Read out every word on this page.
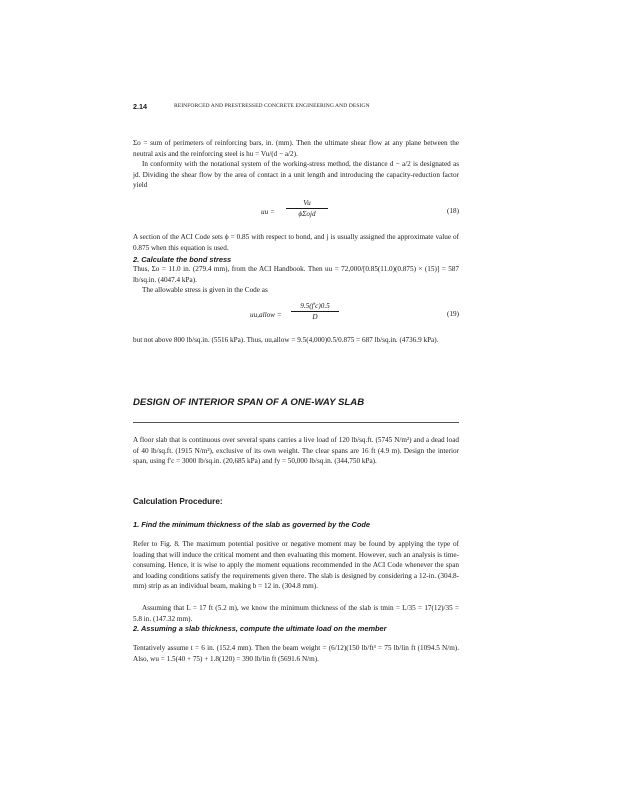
2.14	REINFORCED AND PRESTRESSED CONCRETE ENGINEERING AND DESIGN

Σo = sum of perimeters of reinforcing bars, in. (mm). Then the ultimate shear flow at any plane between the neutral axis and the reinforcing steel is hu = Vu/(d − a/2).

In conformity with the notational system of the working-stress method, the distance d − a/2 is designated as jd. Dividing the shear flow by the area of contact in a unit length and introducing the capacity-reduction factor yield

uu =
Vu
ϕΣojd	(18)

A section of the ACI Code sets ϕ = 0.85 with respect to bond, and j is usually assigned the approximate value of 0.875 when this equation is used.

2. Calculate the bond stress

Thus, Σo = 11.0 in. (279.4 mm), from the ACI Handbook. Then uu = 72,000/[0.85(11.0)(0.875) × (15)] = 587 lb/sq.in. (4047.4 kPa).

The allowable stress is given in the Code as

uu,allow =
9.5(f′c)0.5
D	(19)

but not above 800 lb/sq.in. (5516 kPa). Thus, uu,allow = 9.5(4,000)0.5/0.875 = 687 lb/sq.in. (4736.9 kPa).

DESIGN OF INTERIOR SPAN OF A ONE-WAY SLAB

A floor slab that is continuous over several spans carries a live load of 120 lb/sq.ft. (5745 N/m²) and a dead load of 40 lb/sq.ft. (1915 N/m²), exclusive of its own weight. The clear spans are 16 ft (4.9 m). Design the interior span, using f′c = 3000 lb/sq.in. (20,685 kPa) and fy = 50,000 lb/sq.in. (344,750 kPa).

Calculation Procedure:
1. Find the minimum thickness of the slab as governed by the Code

Refer to Fig. 8. The maximum potential positive or negative moment may be found by applying the type of loading that will induce the critical moment and then evaluating this moment. However, such an analysis is time-consuming. Hence, it is wise to apply the moment equations recommended in the ACI Code whenever the span and loading conditions satisfy the requirements given there. The slab is designed by considering a 12-in. (304.8-mm) strip as an individual beam, making b = 12 in. (304.8 mm).

Assuming that L = 17 ft (5.2 m), we know the minimum thickness of the slab is tmin = L/35 = 17(12)/35 = 5.8 in. (147.32 mm).

2. Assuming a slab thickness, compute the ultimate load on the member

Tentatively assume t = 6 in. (152.4 mm). Then the beam weight = (6/12)(150 lb/ft³ = 75 lb/lin ft (1094.5 N/m). Also, wu = 1.5(40 + 75) + 1.8(120) = 390 lb/lin ft (5691.6 N/m).
